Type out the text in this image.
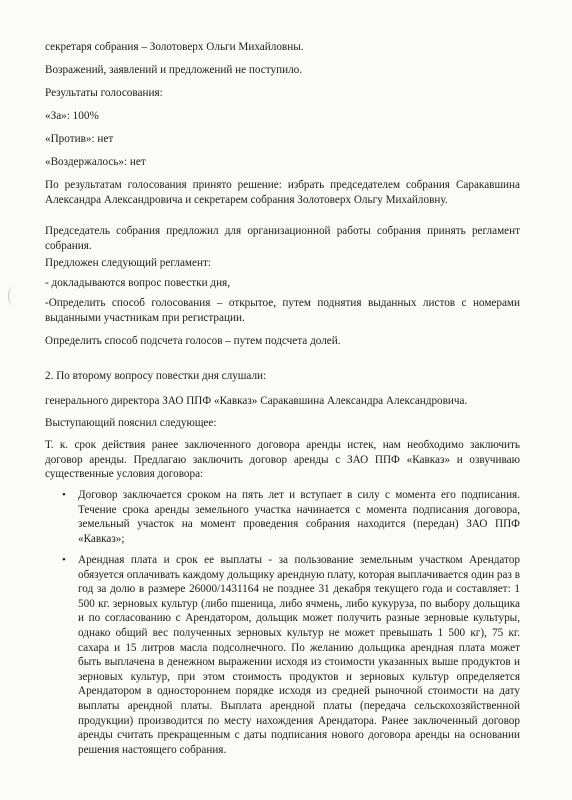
секретаря собрания – Золотоверх Ольги Михайловны.
Возражений, заявлений и предложений не поступило.
Результаты голосования:
«За»: 100%
«Против»: нет
«Воздержалось»: нет
По результатам голосования принято решение: избрать председателем собрания Саракавшина Александра Александровича и секретарем собрания Золотоверх Ольгу Михайловну.
Председатель собрания предложил для организационной работы собрания принять регламент собрания.
Предложен следующий регламент:
- докладываются вопрос повестки дня,
-Определить способ голосования – открытое, путем поднятия выданных листов с номерами выданными участникам при регистрации.
Определить способ подсчета голосов – путем подсчета долей.
2. По второму вопросу повестки дня слушали:
генерального директора ЗАО ППФ «Кавказ» Саракавшина Александра Александровича.
Выступающий пояснил следующее:
Т. к. срок действия ранее заключенного договора аренды истек, нам необходимо заключить договор аренды. Предлагаю заключить договор аренды с ЗАО ППФ «Кавказ» и озвучиваю существенные условия договора:
• Договор заключается сроком на пять лет и вступает в силу с момента его подписания. Течение срока аренды земельного участка начинается с момента подписания договора, земельный участок на момент проведения собрания находится (передан) ЗАО ППФ «Кавказ»;
• Арендная плата и срок ее выплаты - за пользование земельным участком Арендатор обязуется оплачивать каждому дольщику арендную плату, которая выплачивается один раз в год за долю в размере 26000/1431164 не позднее 31 декабря текущего года и составляет: 1 500 кг. зерновых культур (либо пшеница, либо ячмень, либо кукуруза, по выбору дольщика и по согласованию с Арендатором, дольщик может получить разные зерновые культуры, однако общий вес полученных зерновых культур не может превышать 1 500 кг), 75 кг. сахара и 15 литров масла подсолнечного. По желанию дольщика арендная плата может быть выплачена в денежном выражении исходя из стоимости указанных выше продуктов и зерновых культур, при этом стоимость продуктов и зерновых культур определяется Арендатором в одностороннем порядке исходя из средней рыночной стоимости на дату выплаты арендной платы. Выплата арендной платы (передача сельскохозяйственной продукции) производится по месту нахождения Арендатора. Ранее заключенный договор аренды считать прекращенным с даты подписания нового договора аренды на основании решения настоящего собрания.
